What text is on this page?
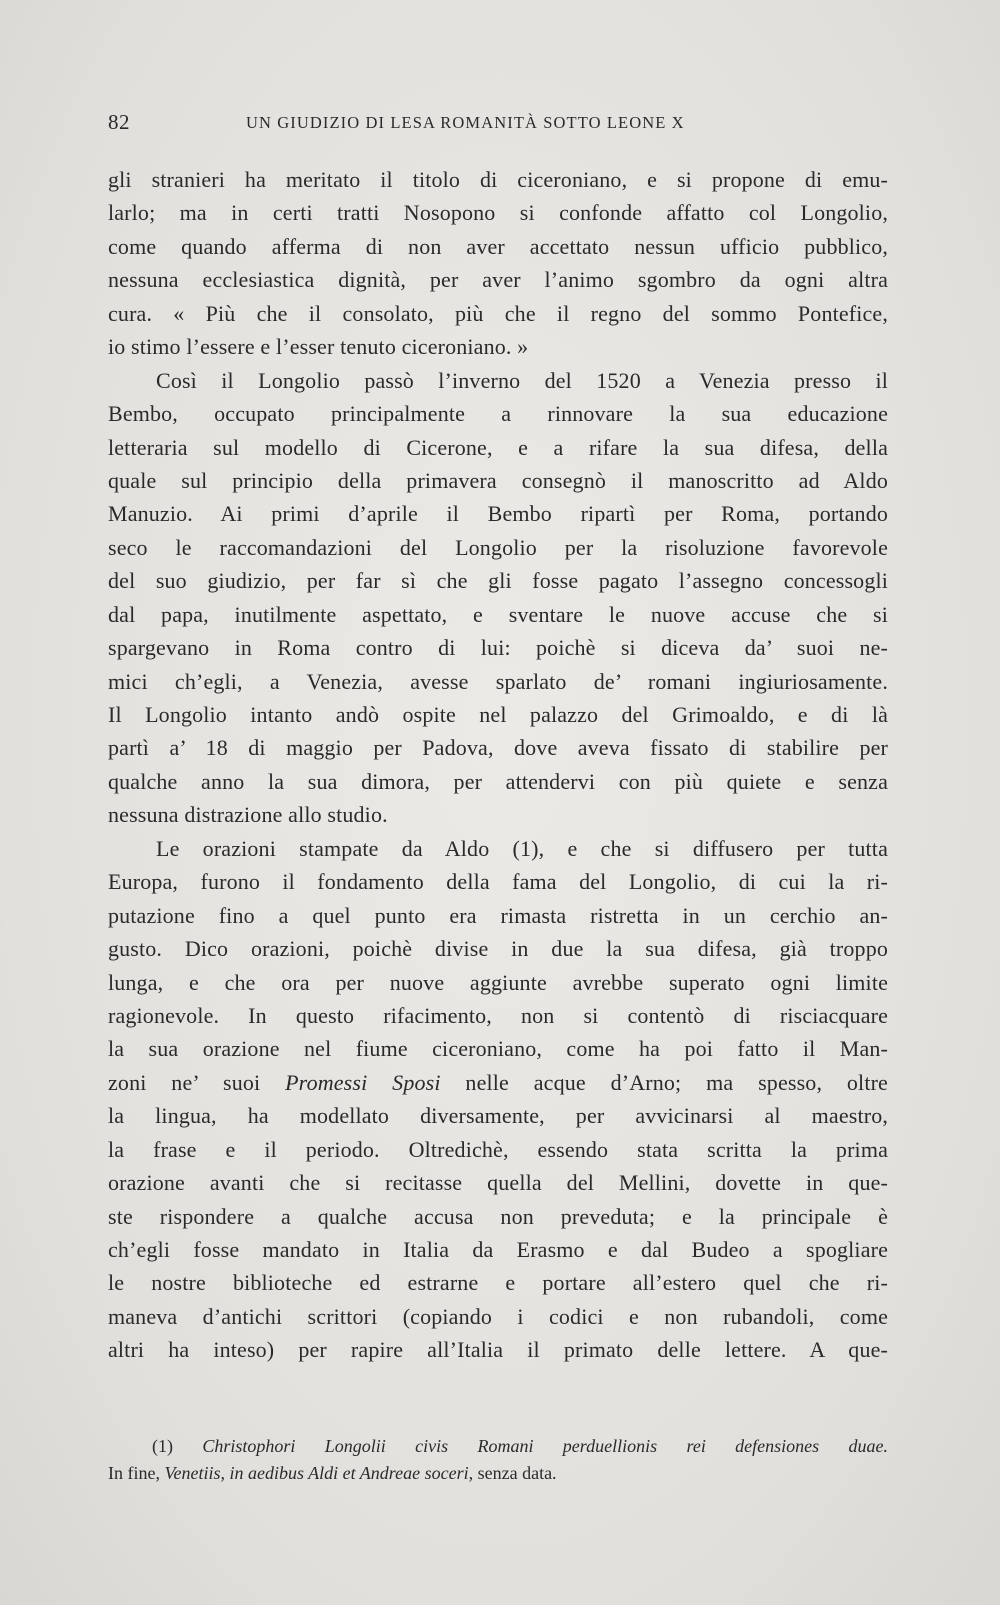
82	UN GIUDIZIO DI LESA ROMANITÀ SOTTO LEONE X
gli stranieri ha meritato il titolo di ciceroniano, e si propone di emu-
larlo; ma in certi tratti Nosopono si confonde affatto col Longolio,
come quando afferma di non aver accettato nessun ufficio pubblico,
nessuna ecclesiastica dignità, per aver l’animo sgombro da ogni altra
cura. « Più che il consolato, più che il regno del sommo Pontefice,
io stimo l’essere e l’esser tenuto ciceroniano. »
Così il Longolio passò l’inverno del 1520 a Venezia presso il
Bembo, occupato principalmente a rinnovare la sua educazione
letteraria sul modello di Cicerone, e a rifare la sua difesa, della
quale sul principio della primavera consegnò il manoscritto ad Aldo
Manuzio. Ai primi d’aprile il Bembo ripartì per Roma, portando
seco le raccomandazioni del Longolio per la risoluzione favorevole
del suo giudizio, per far sì che gli fosse pagato l’assegno concessogli
dal papa, inutilmente aspettato, e sventare le nuove accuse che si
spargevano in Roma contro di lui: poichè si diceva da’ suoi ne-
mici ch’egli, a Venezia, avesse sparlato de’ romani ingiuriosamente.
Il Longolio intanto andò ospite nel palazzo del Grimoaldo, e di là
partì a’ 18 di maggio per Padova, dove aveva fissato di stabilire per
qualche anno la sua dimora, per attendervi con più quiete e senza
nessuna distrazione allo studio.
Le orazioni stampate da Aldo (1), e che si diffusero per tutta
Europa, furono il fondamento della fama del Longolio, di cui la ri-
putazione fino a quel punto era rimasta ristretta in un cerchio an-
gusto. Dico orazioni, poichè divise in due la sua difesa, già troppo
lunga, e che ora per nuove aggiunte avrebbe superato ogni limite
ragionevole. In questo rifacimento, non si contentò di risciacquare
la sua orazione nel fiume ciceroniano, come ha poi fatto il Man-
zoni ne’ suoi Promessi Sposi nelle acque d’Arno; ma spesso, oltre
la lingua, ha modellato diversamente, per avvicinarsi al maestro,
la frase e il periodo. Oltredichè, essendo stata scritta la prima
orazione avanti che si recitasse quella del Mellini, dovette in que-
ste rispondere a qualche accusa non preveduta; e la principale è
ch’egli fosse mandato in Italia da Erasmo e dal Budeo a spogliare
le nostre biblioteche ed estrarne e portare all’estero quel che ri-
maneva d’antichi scrittori (copiando i codici e non rubandoli, come
altri ha inteso) per rapire all’Italia il primato delle lettere. A que-
(1) Christophori Longolii civis Romani perduellionis rei defensiones duae.
In fine, Venetiis, in aedibus Aldi et Andreae soceri, senza data.
